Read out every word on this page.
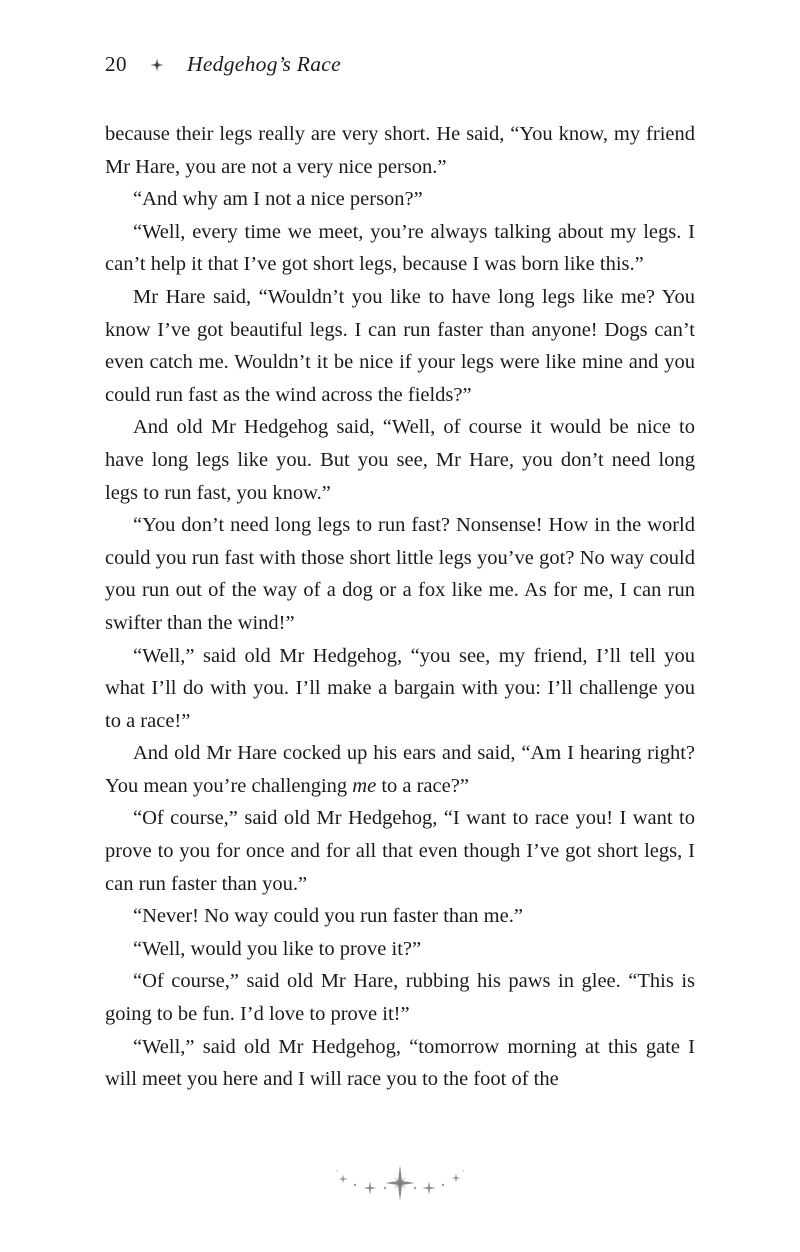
20	Hedgehog’s Race

because their legs really are very short. He said, “You know, my friend Mr Hare, you are not a very nice person.”

“And why am I not a nice person?”

“Well, every time we meet, you’re always talking about my legs. I can’t help it that I’ve got short legs, because I was born like this.”

Mr Hare said, “Wouldn’t you like to have long legs like me? You know I’ve got beautiful legs. I can run faster than anyone! Dogs can’t even catch me. Wouldn’t it be nice if your legs were like mine and you could run fast as the wind across the fields?”

And old Mr Hedgehog said, “Well, of course it would be nice to have long legs like you. But you see, Mr Hare, you don’t need long legs to run fast, you know.”

“You don’t need long legs to run fast? Nonsense! How in the world could you run fast with those short little legs you’ve got? No way could you run out of the way of a dog or a fox like me. As for me, I can run swifter than the wind!”

“Well,” said old Mr Hedgehog, “you see, my friend, I’ll tell you what I’ll do with you. I’ll make a bargain with you: I’ll challenge you to a race!”

And old Mr Hare cocked up his ears and said, “Am I hearing right? You mean you’re challenging me to a race?”

“Of course,” said old Mr Hedgehog, “I want to race you! I want to prove to you for once and for all that even though I’ve got short legs, I can run faster than you.”

“Never! No way could you run faster than me.”

“Well, would you like to prove it?”

“Of course,” said old Mr Hare, rubbing his paws in glee. “This is going to be fun. I’d love to prove it!”

“Well,” said old Mr Hedgehog, “tomorrow morning at this gate I will meet you here and I will race you to the foot of the
